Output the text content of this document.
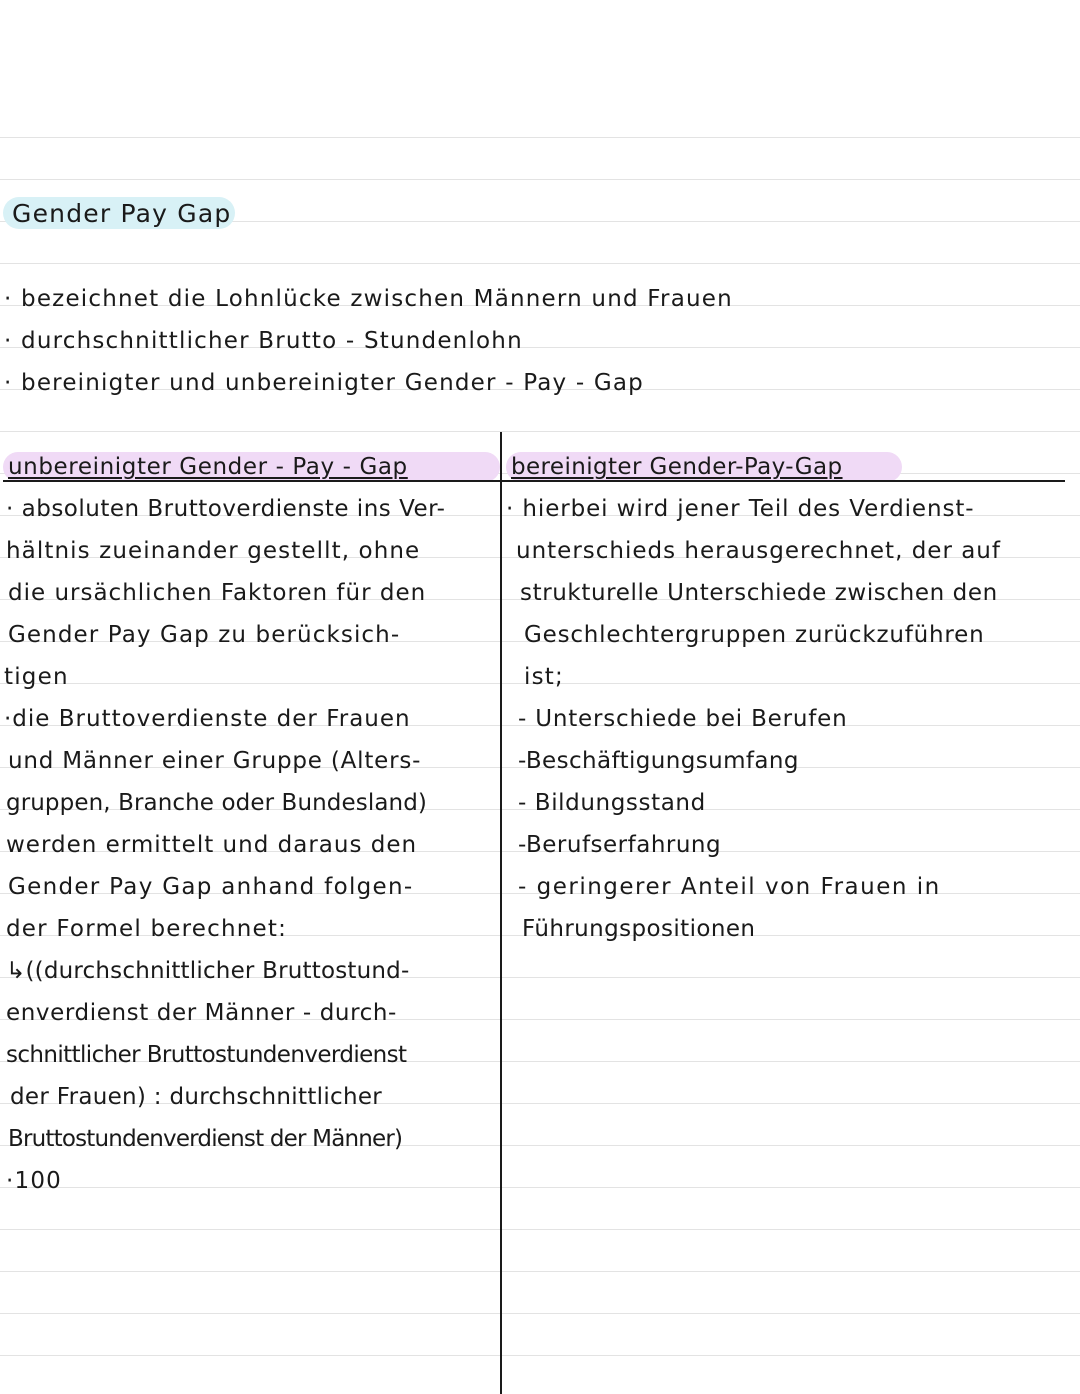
Gender Pay Gap
· bezeichnet die Lohnlücke zwischen Männern und Frauen
· durchschnittlicher Brutto - Stundenlohn
· bereinigter und unbereinigter Gender - Pay - Gap
unbereinigter Gender - Pay - Gap	bereinigter Gender-Pay-Gap
· absoluten Bruttoverdienste ins Ver-
hältnis zueinander gestellt, ohne
die ursächlichen Faktoren für den
Gender Pay Gap zu berücksich-
tigen
·die Bruttoverdienste der Frauen
und Männer einer Gruppe (Alters-
gruppen, Branche oder Bundesland)
werden ermittelt und daraus den
Gender Pay Gap anhand folgen-
der Formel berechnet:
↳((durchschnittlicher Bruttostund-
enverdienst der Männer - durch-
schnittlicher Bruttostundenverdienst
der Frauen) : durchschnittlicher
Bruttostundenverdienst der Männer)
·100
· hierbei wird jener Teil des Verdienst-
unterschieds herausgerechnet, der auf
strukturelle Unterschiede zwischen den
Geschlechtergruppen zurückzuführen
ist;
- Unterschiede bei Berufen
-Beschäftigungsumfang
- Bildungsstand
-Berufserfahrung
- geringerer Anteil von Frauen in
Führungspositionen
